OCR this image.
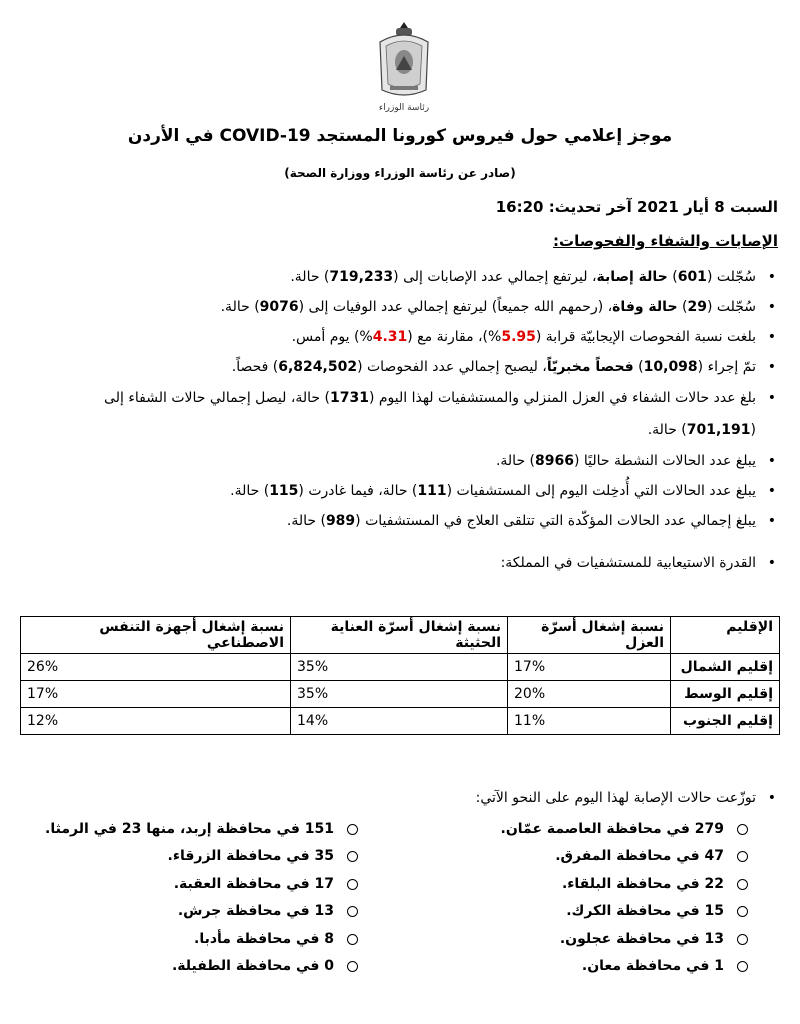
رئاسة الوزراء
موجز إعلامي حول فيروس كورونا المستجد COVID-19 في الأردن
(صادر عن رئاسة الوزراء ووزارة الصحة)
السبت 8 أيار 2021 آخر تحديث: 16:20
الإصابات والشفاء والفحوصات:
• سُجّلت (601) حالة إصابة، ليرتفع إجمالي عدد الإصابات إلى (719,233) حالة.
• سُجّلت (29) حالة وفاة، (رحمهم الله جميعاً) ليرتفع إجمالي عدد الوفيات إلى (9076) حالة.
• بلغت نسبة الفحوصات الإيجابيّة قرابة (5.95%)، مقارنة مع (4.31%) يوم أمس.
• تمّ إجراء (10,098) فحصاً مخبريّاً، ليصبح إجمالي عدد الفحوصات (6,824,502) فحصاً.
• بلغ عدد حالات الشفاء في العزل المنزلي والمستشفيات لهذا اليوم (1731) حالة، ليصل إجمالي حالات الشفاء إلى (701,191) حالة.
• يبلغ عدد الحالات النشطة حاليًا (8966) حالة.
• يبلغ عدد الحالات التي أُدخِلت اليوم إلى المستشفيات (111) حالة، فيما غادرت (115) حالة.
• يبلغ إجمالي عدد الحالات المؤكّدة التي تتلقى العلاج في المستشفيات (989) حالة.
• القدرة الاستيعابية للمستشفيات في المملكة:
الإقليم	نسبة إشغال أسرّة العزل	نسبة إشغال أسرّة العناية الحثيثة	نسبة إشغال أجهزة التنفس الاصطناعي
إقليم الشمال	17%	35%	26%
إقليم الوسط	20%	35%	17%
إقليم الجنوب	11%	14%	12%
• توزّعت حالات الإصابة لهذا اليوم على النحو الآتي:
279 في محافظة العاصمة عمّان.
47 في محافظة المفرق.
22 في محافظة البلقاء.
15 في محافظة الكرك.
13 في محافظة عجلون.
1 في محافظة معان.
151 في محافظة إربد، منها 23 في الرمثا.
35 في محافظة الزرقاء.
17 في محافظة العقبة.
13 في محافظة جرش.
8 في محافظة مأدبا.
0 في محافظة الطفيلة.
